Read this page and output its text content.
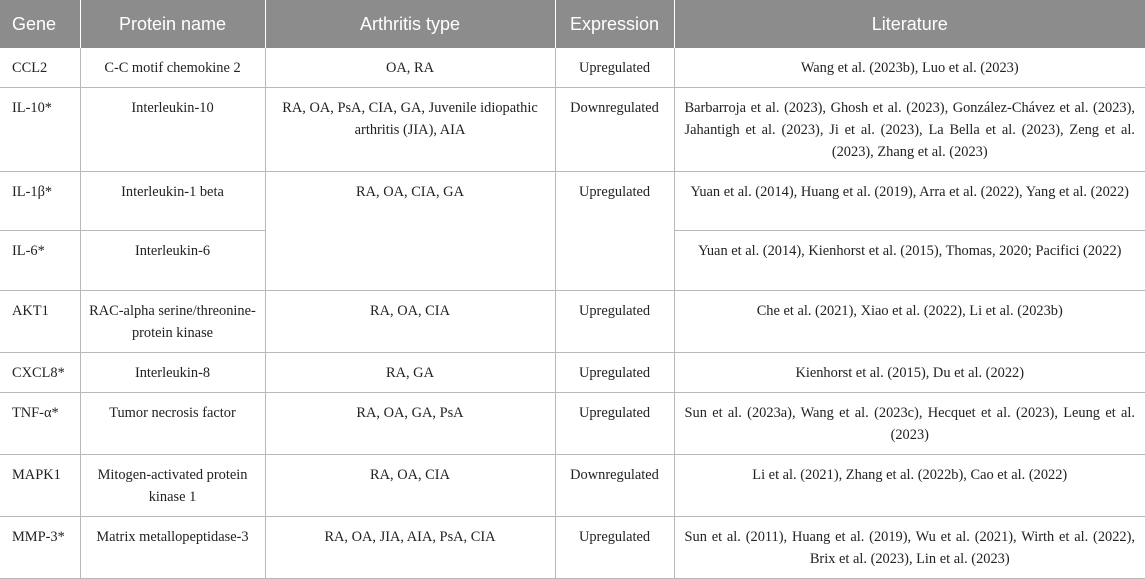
Gene	Protein name	Arthritis type	Expression	Literature
CCL2	C-C motif chemokine 2	OA, RA	Upregulated	Wang et al. (2023b), Luo et al. (2023)
IL-10*	Interleukin-10	RA, OA, PsA, CIA, GA, Juvenile idiopathic arthritis (JIA), AIA	Downregulated	Barbarroja et al. (2023), Ghosh et al. (2023), González-Chávez et al. (2023), Jahantigh et al. (2023), Ji et al. (2023), La Bella et al. (2023), Zeng et al. (2023), Zhang et al. (2023)
IL-1β*	Interleukin-1 beta	RA, OA, CIA, GA	Upregulated	Yuan et al. (2014), Huang et al. (2019), Arra et al. (2022), Yang et al. (2022)
IL-6*	Interleukin-6			Yuan et al. (2014), Kienhorst et al. (2015), Thomas, 2020; Pacifici (2022)
AKT1	RAC-alpha serine/threonine-protein kinase	RA, OA, CIA	Upregulated	Che et al. (2021), Xiao et al. (2022), Li et al. (2023b)
CXCL8*	Interleukin-8	RA, GA	Upregulated	Kienhorst et al. (2015), Du et al. (2022)
TNF-α*	Tumor necrosis factor	RA, OA, GA, PsA	Upregulated	Sun et al. (2023a), Wang et al. (2023c), Hecquet et al. (2023), Leung et al. (2023)
MAPK1	Mitogen-activated protein kinase 1	RA, OA, CIA	Downregulated	Li et al. (2021), Zhang et al. (2022b), Cao et al. (2022)
MMP-3*	Matrix metallopeptidase-3	RA, OA, JIA, AIA, PsA, CIA	Upregulated	Sun et al. (2011), Huang et al. (2019), Wu et al. (2021), Wirth et al. (2022), Brix et al. (2023), Lin et al. (2023)
